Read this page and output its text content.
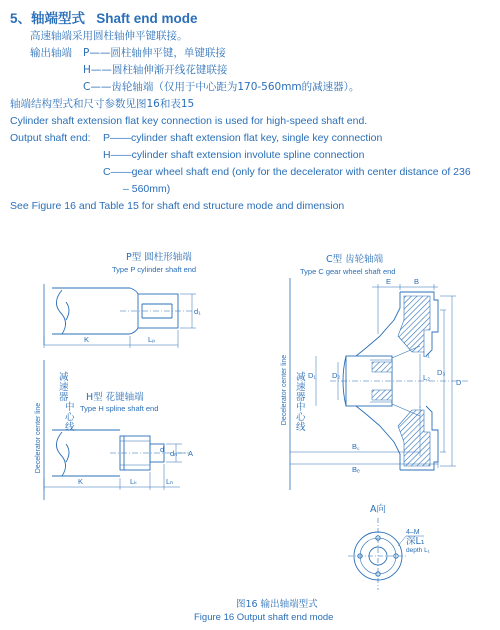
5、轴端型式 Shaft end mode
高速轴端采用圆柱轴伸平键联接。
输出轴端 P——圆柱轴伸平键，单键联接
H——圆柱轴伸渐开线花键联接
C——齿轮轴端（仅用于中心距为170-560mm的减速器）。
轴端结构型式和尺寸参数见图16和表15
Cylinder shaft extension flat key connection is used for high-speed shaft end.
Output shaft end: P——cylinder shaft extension flat key, single key connection
H——cylinder shaft extension involute spline connection
C——gear wheel shaft end (only for the decelerator with center distance of 236
– 560mm)
See Figure 16 and Table 15 for shaft end structure mode and dimension
P型 圆柱形轴端
Type P cylinder shaft end
d₁
K	Lₚ
Decelerator center line
减
速
器
中
心
线
H型 花键轴端
Type H spline shaft end
dₕ
d	A
K	Lₖ	Lₕ
C型 齿轮轴端
Type C gear wheel shaft end
Decelerator center line 减
速
器
中
心
线
L₁
L₂
D
D₃
D₁ D₂
E	B
B꜀
Bₑ
A向
4–M
深L₁
depth L₁
图16 输出轴端型式
Figure 16 Output shaft end mode
